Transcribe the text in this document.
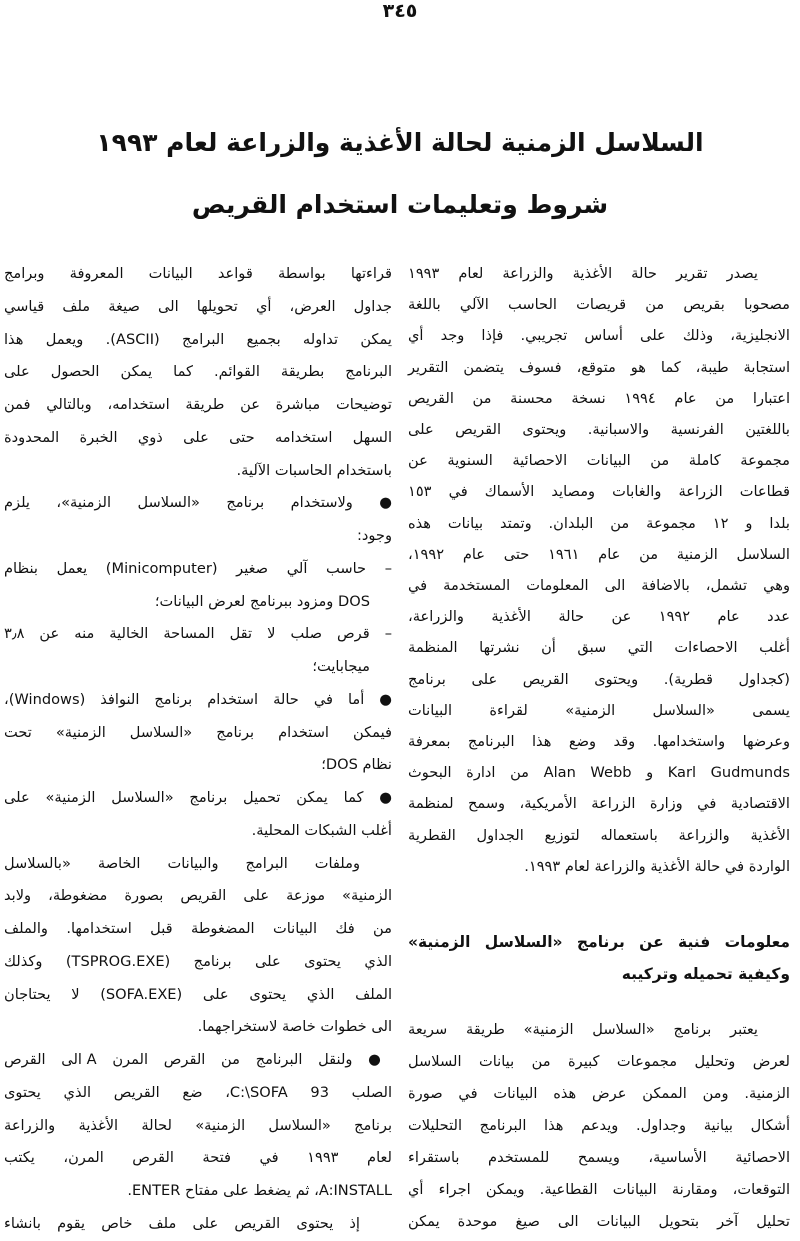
٣٤٥
السلاسل الزمنية لحالة الأغذية والزراعة لعام ١٩٩٣
شروط وتعليمات استخدام القريص
يصدر تقرير حالة الأغذية والزراعة لعام ١٩٩٣
مصحوبا بقريص من قريصات الحاسب الآلي باللغة
الانجليزية، وذلك على أساس تجريبي. فإذا وجد أي
استجابة طيبة، كما هو متوقع، فسوف يتضمن التقرير
اعتبارا من عام ١٩٩٤ نسخة محسنة من القريص
باللغتين الفرنسية والاسبانية. ويحتوى القريص على
مجموعة كاملة من البيانات الاحصائية السنوية عن
قطاعات الزراعة والغابات ومصايد الأسماك في ١٥٣
بلدا و ١٢ مجموعة من البلدان. وتمتد بيانات هذه
السلاسل الزمنية من عام ١٩٦١ حتى عام ١٩٩٢،
وهي تشمل، بالاضافة الى المعلومات المستخدمة في
عدد عام ١٩٩٢ عن حالة الأغذية والزراعة،
أغلب الاحصاءات التي سبق أن نشرتها المنظمة
(كجداول قطرية). ويحتوى القريص على برنامج
يسمى «السلاسل الزمنية» لقراءة البيانات
وعرضها واستخدامها. وقد وضع هذا البرنامج بمعرفة
Karl Gudmunds و Alan Webb من ادارة البحوث
الاقتصادية في وزارة الزراعة الأمريكية، وسمح لمنظمة
الأغذية والزراعة باستعماله لتوزيع الجداول القطرية
الواردة في حالة الأغذية والزراعة لعام ١٩٩٣.
معلومات فنية عن برنامج «السلاسل الزمنية»
وكيفية تحميله وتركيبه
يعتبر برنامج «السلاسل الزمنية» طريقة سريعة
لعرض وتحليل مجموعات كبيرة من بيانات السلاسل
الزمنية. ومن الممكن عرض هذه البيانات في صورة
أشكال بيانية وجداول. ويدعم هذا البرنامج التحليلات
الاحصائية الأساسية، ويسمح للمستخدم باستقراء
التوقعات، ومقارنة البيانات القطاعية. ويمكن اجراء أي
تحليل آخر بتحويل البيانات الى صيغ موحدة يمكن
قراءتها بواسطة قواعد البيانات المعروفة وبرامج
جداول العرض، أي تحويلها الى صيغة ملف قياسي
يمكن تداوله بجميع البرامج (ASCII). ويعمل هذا
البرنامج بطريقة القوائم. كما يمكن الحصول على
توضيحات مباشرة عن طريقة استخدامه، وبالتالي فمن
السهل استخدامه حتى على ذوي الخبرة المحدودة
باستخدام الحاسبات الآلية.
● ولاستخدام برنامج «السلاسل الزمنية»، يلزم
وجود:
– حاسب آلي صغير (Minicomputer) يعمل بنظام
DOS ومزود ببرنامج لعرض البيانات؛
– قرص صلب لا تقل المساحة الخالية منه عن ٣٫٨
ميجابايت؛
● أما في حالة استخدام برنامج النوافذ (Windows)،
فيمكن استخدام برنامج «السلاسل الزمنية» تحت
نظام DOS؛
● كما يمكن تحميل برنامج «السلاسل الزمنية» على
أغلب الشبكات المحلية.
وملفات البرامج والبيانات الخاصة «بالسلاسل
الزمنية» موزعة على القريص بصورة مضغوطة، ولابد
من فك البيانات المضغوطة قبل استخدامها. والملف
الذي يحتوى على برنامج (TSPROG.EXE) وكذلك
الملف الذي يحتوى على (SOFA.EXE) لا يحتاجان
الى خطوات خاصة لاستخراجهما.
● ولنقل البرنامج من القرص المرن A الى القرص
الصلب C:\SOFA 93، ضع القريص الذي يحتوى
برنامج «السلاسل الزمنية» لحالة الأغذية والزراعة
لعام ١٩٩٣ في فتحة القرص المرن، يكتب
A:INSTALL، ثم يضغط على مفتاح ENTER.
إذ يحتوى القريص على ملف خاص يقوم بانشاء
